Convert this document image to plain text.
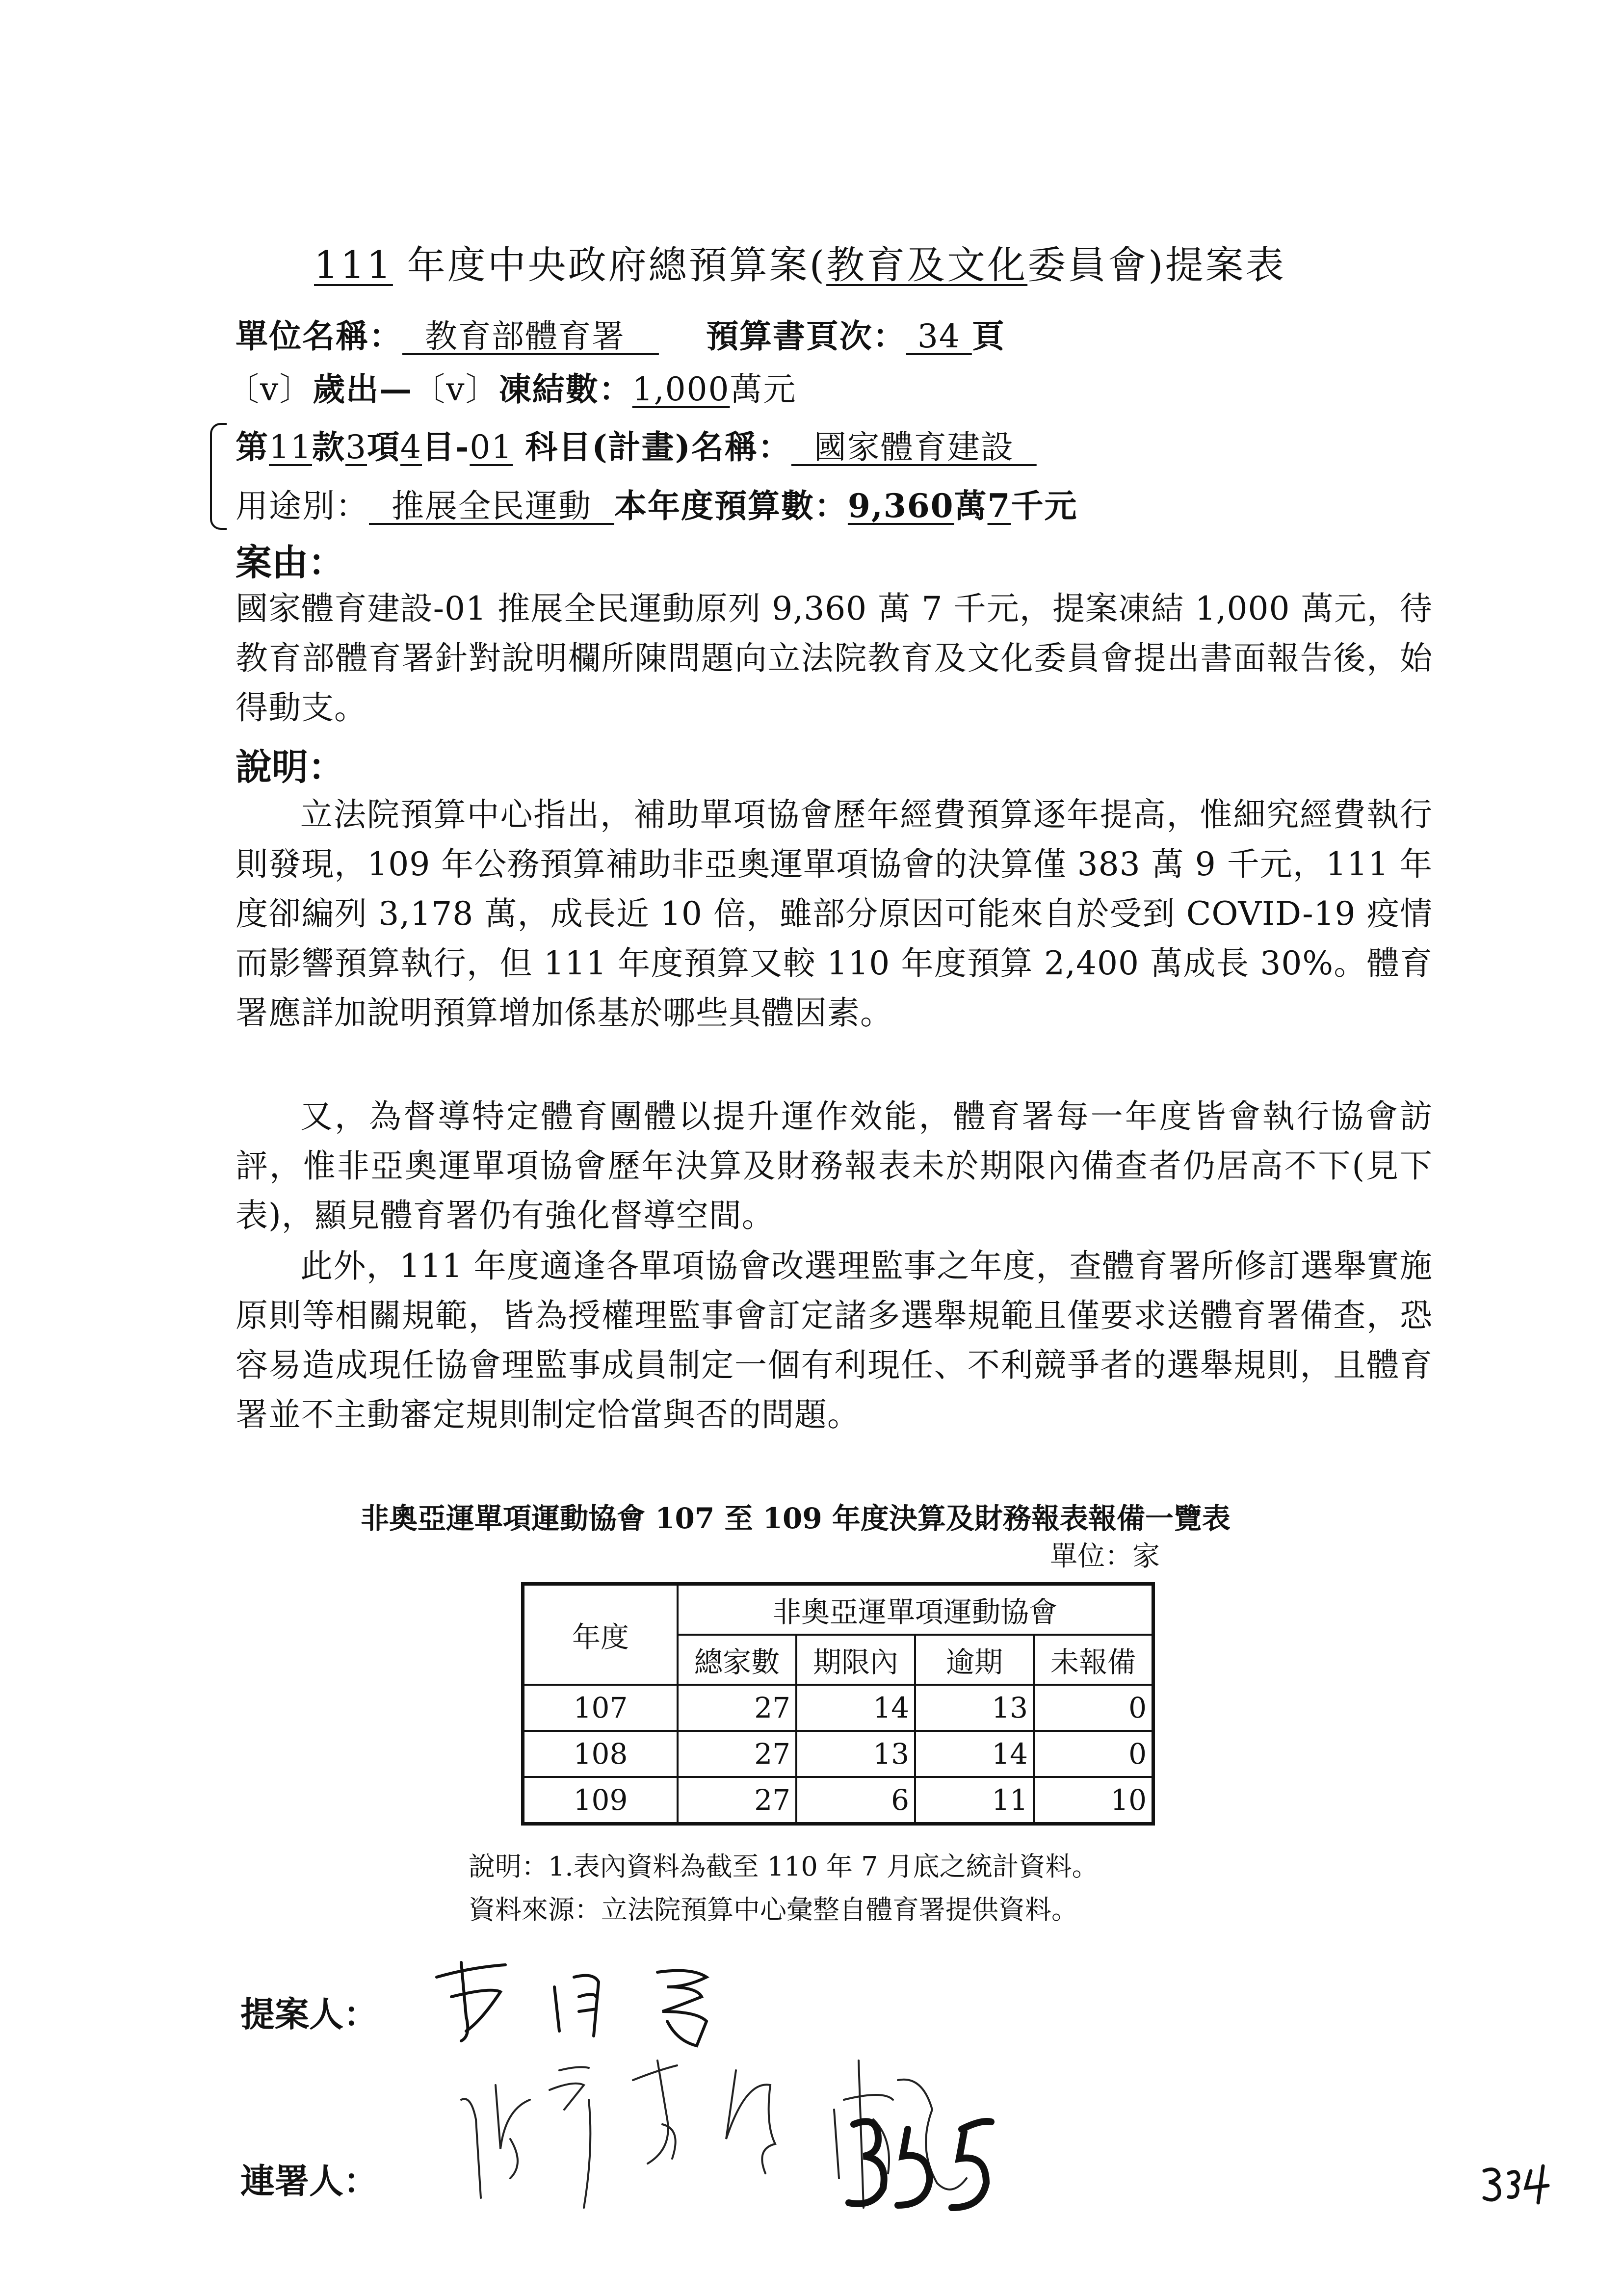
111 年度中央政府總預算案(教育及文化委員會)提案表
單位名稱：  教育部體育署     預算書頁次： 34 頁
〔v〕歲出—〔v〕凍結數：1,000萬元
第11款3項4目-01 科目(計畫)名稱：  國家體育建設
用途別：  推展全民運動  本年度預算數：9,360萬7千元
案由：
國家體育建設-01 推展全民運動原列 9,360 萬 7 千元，提案凍結 1,000 萬元，待教育部體育署針對說明欄所陳問題向立法院教育及文化委員會提出書面報告後，始得動支。
說明：
立法院預算中心指出，補助單項協會歷年經費預算逐年提高，惟細究經費執行則發現，109 年公務預算補助非亞奧運單項協會的決算僅 383 萬 9 千元，111 年度卻編列 3,178 萬，成長近 10 倍，雖部分原因可能來自於受到 COVID-19 疫情而影響預算執行，但 111 年度預算又較 110 年度預算 2,400 萬成長 30%。體育署應詳加說明預算增加係基於哪些具體因素。
又，為督導特定體育團體以提升運作效能，體育署每一年度皆會執行協會訪評，惟非亞奧運單項協會歷年決算及財務報表未於期限內備查者仍居高不下(見下表)，顯見體育署仍有強化督導空間。
此外，111 年度適逢各單項協會改選理監事之年度，查體育署所修訂選舉實施原則等相關規範，皆為授權理監事會訂定諸多選舉規範且僅要求送體育署備查，恐容易造成現任協會理監事成員制定一個有利現任、不利競爭者的選舉規則，且體育署並不主動審定規則制定恰當與否的問題。
非奧亞運單項運動協會 107 至 109 年度決算及財務報表報備一覽表
單位：家
年度	非奧亞運單項運動協會			
	總家數	期限內	逾期	未報備
107	27	14	13	0
108	27	13	14	0
109	27	6	11	10
說明：1.表內資料為截至 110 年 7 月底之統計資料。
資料來源：立法院預算中心彙整自體育署提供資料。
提案人：
連署人：
